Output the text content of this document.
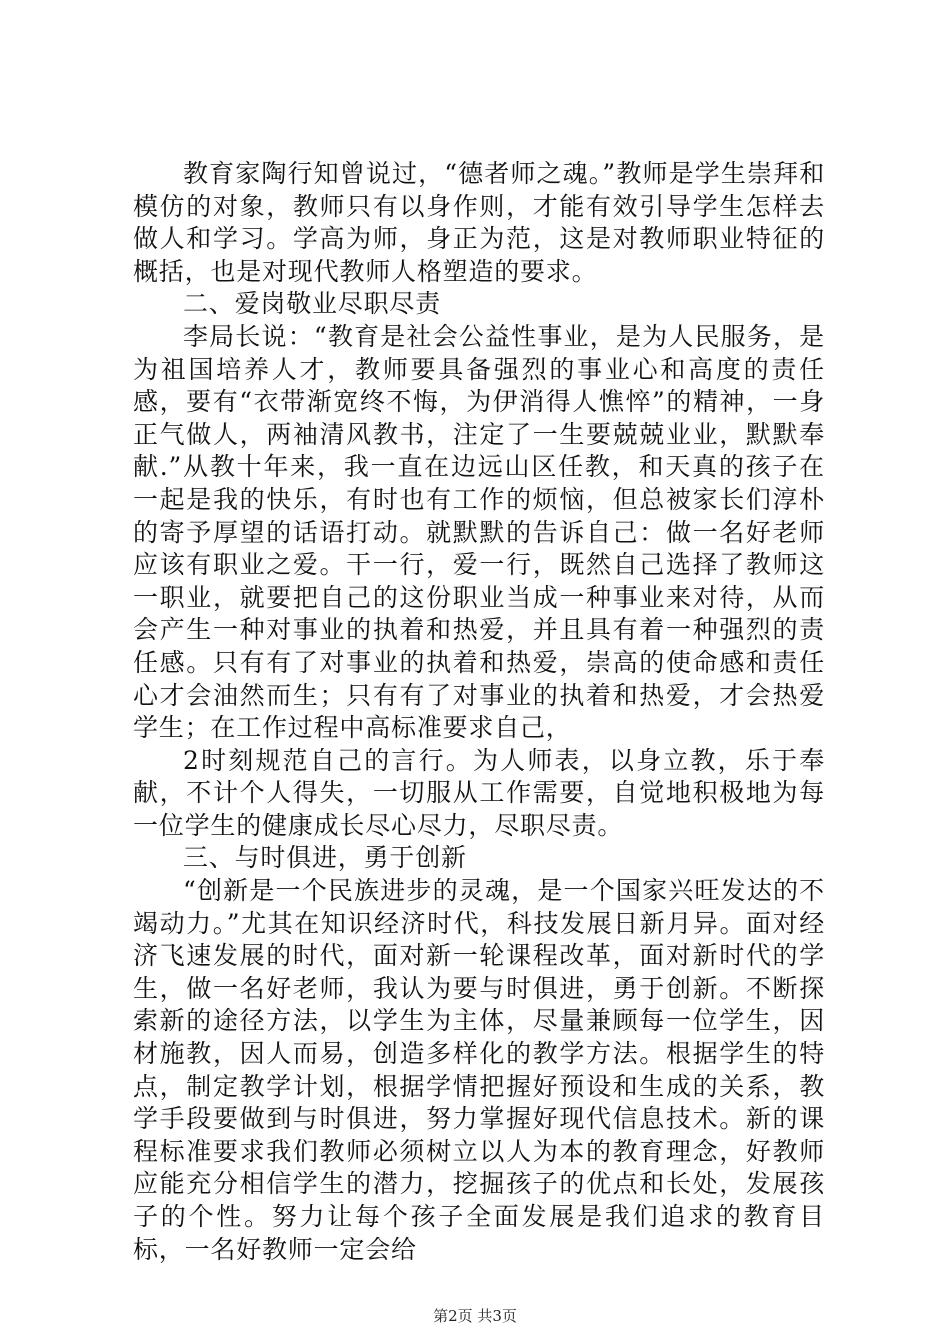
教育家陶行知曾说过，“德者师之魂。”教师是学生崇拜和模仿的对象，教师只有以身作则，才能有效引导学生怎样去做人和学习。学高为师，身正为范，这是对教师职业特征的概括，也是对现代教师人格塑造的要求。

二、爱岗敬业尽职尽责

李局长说：“教育是社会公益性事业，是为人民服务，是为祖国培养人才，教师要具备强烈的事业心和高度的责任感，要有“衣带渐宽终不悔，为伊消得人憔悴”的精神，一身正气做人，两袖清风教书，注定了一生要兢兢业业，默默奉献.”从教十年来，我一直在边远山区任教，和天真的孩子在一起是我的快乐，有时也有工作的烦恼，但总被家长们淳朴的寄予厚望的话语打动。就默默的告诉自己：做一名好老师应该有职业之爱。干一行，爱一行，既然自己选择了教师这一职业，就要把自己的这份职业当成一种事业来对待，从而会产生一种对事业的执着和热爱，并且具有着一种强烈的责任感。只有有了对事业的执着和热爱，崇高的使命感和责任心才会油然而生；只有有了对事业的执着和热爱，才会热爱学生；在工作过程中高标准要求自己，

2时刻规范自己的言行。为人师表，以身立教，乐于奉献，不计个人得失，一切服从工作需要，自觉地积极地为每一位学生的健康成长尽心尽力，尽职尽责。

三、与时俱进，勇于创新

“创新是一个民族进步的灵魂，是一个国家兴旺发达的不竭动力。”尤其在知识经济时代，科技发展日新月异。面对经济飞速发展的时代，面对新一轮课程改革，面对新时代的学生，做一名好老师，我认为要与时俱进，勇于创新。不断探索新的途径方法，以学生为主体，尽量兼顾每一位学生，因材施教，因人而易，创造多样化的教学方法。根据学生的特点，制定教学计划，根据学情把握好预设和生成的关系，教学手段要做到与时俱进，努力掌握好现代信息技术。新的课程标准要求我们教师必须树立以人为本的教育理念，好教师应能充分相信学生的潜力，挖掘孩子的优点和长处，发展孩子的个性。努力让每个孩子全面发展是我们追求的教育目标，一名好教师一定会给

第2页 共3页
